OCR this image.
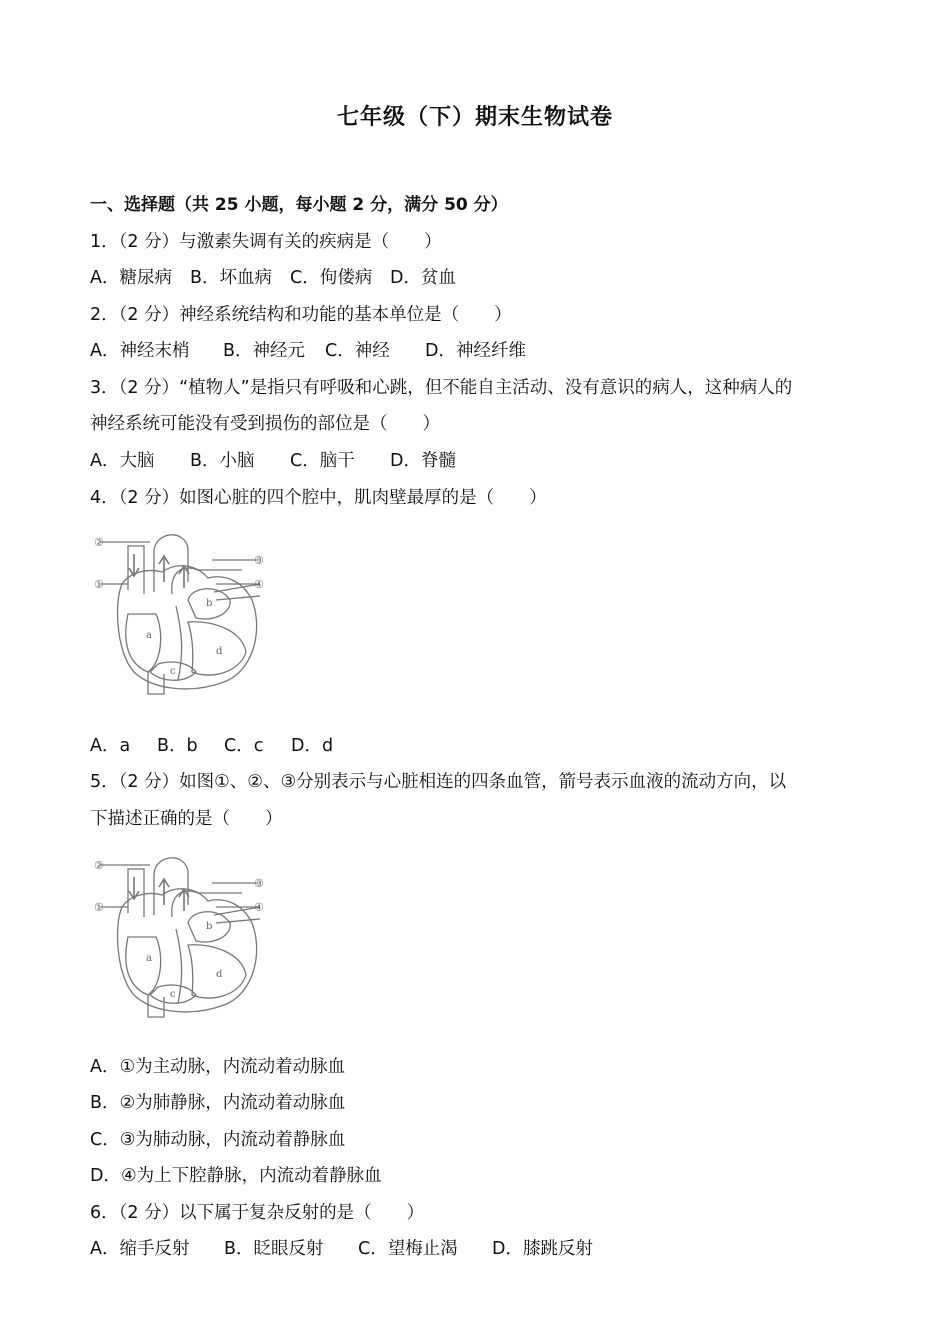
七年级（下）期末生物试卷
一、选择题（共 25 小题，每小题 2 分，满分 50 分）
1．（2 分）与激素失调有关的疾病是（　　）
A．糖尿病 B．坏血病 C．佝偻病 D．贫血
2．（2 分）神经系统结构和功能的基本单位是（　　）
A．神经末梢 B．神经元 C．神经 D．神经纤维
3．（2 分）“植物人”是指只有呼吸和心跳，但不能自主活动、没有意识的病人，这种病人的
神经系统可能没有受到损伤的部位是（　　）
A．大脑 B．小脑 C．脑干 D．脊髓
4．（2 分）如图心脏的四个腔中，肌肉壁最厚的是（　　）
②
①
③
④
a
b
c
d
A．a B．b C．c D．d
5．（2 分）如图①、②、③分别表示与心脏相连的四条血管，箭号表示血液的流动方向，以
下描述正确的是（　　）
②
①
③
④
a
b
c
d
A．①为主动脉，内流动着动脉血
B．②为肺静脉，内流动着动脉血
C．③为肺动脉，内流动着静脉血
D．④为上下腔静脉，内流动着静脉血
6．（2 分）以下属于复杂反射的是（　　）
A．缩手反射 B．眨眼反射 C．望梅止渴 D．膝跳反射
